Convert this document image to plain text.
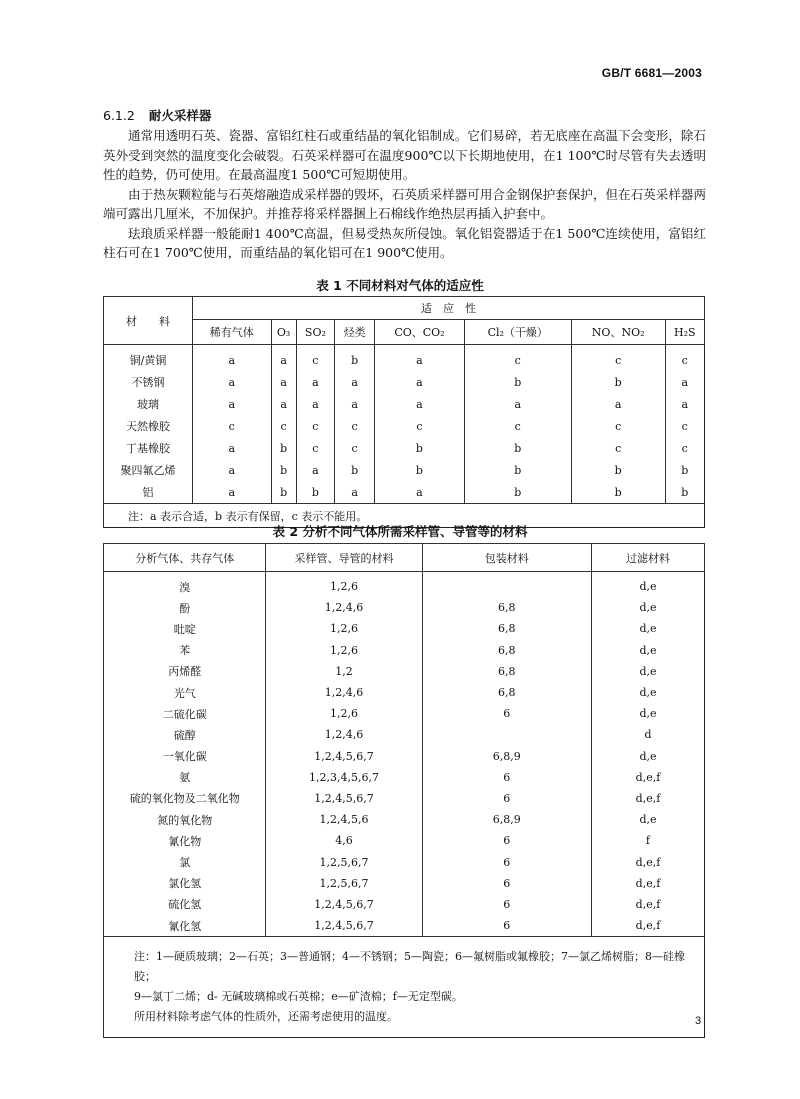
GB/T 6681—2003
6.1.2 耐火采样器

通常用透明石英、瓷器、富铝红柱石或重结晶的氧化铝制成。它们易碎，若无底座在高温下会变形，除石英外受到突然的温度变化会破裂。石英采样器可在温度900℃以下长期地使用，在1 100℃时尽管有失去透明性的趋势，仍可使用。在最高温度1 500℃可短期使用。

由于热灰颗粒能与石英熔融造成采样器的毁坏，石英质采样器可用合金钢保护套保护，但在石英采样器两端可露出几厘米，不加保护。并推荐将采样器捆上石棉线作绝热层再插入护套中。

珐琅质采样器一般能耐1 400℃高温，但易受热灰所侵蚀。氧化铝瓷器适于在1 500℃连续使用，富铝红柱石可在1 700℃使用，而重结晶的氧化铝可在1 900℃使用。

表 1 不同材料对气体的适应性
材　　料	适　应　性							
	稀有气体	O₃	SO₂	烃类	CO、CO₂	Cl₂（干燥）	NO、NO₂	H₂S
铜/黄铜	a	a	c	b	a	c	c	c
不锈钢	a	a	a	a	a	b	b	a
玻璃	a	a	a	a	a	a	a	a
天然橡胶	c	c	c	c	c	c	c	c
丁基橡胶	a	b	c	c	b	b	c	c
聚四氟乙烯	a	b	a	b	b	b	b	b
铝	a	b	b	a	a	b	b	b
注：a 表示合适，b 表示有保留，c 表示不能用。								
表 2 分析不同气体所需采样管、导管等的材料
分析气体、共存气体	采样管、导管的材料	包装材料	过滤材料
溴	1,2,6		d,e
酚	1,2,4,6	6,8	d,e
吡啶	1,2,6	6,8	d,e
苯	1,2,6	6,8	d,e
丙烯醛	1,2	6,8	d,e
光气	1,2,4,6	6,8	d,e
二硫化碳	1,2,6	6	d,e
硫醇	1,2,4,6		d
一氧化碳	1,2,4,5,6,7	6,8,9	d,e
氨	1,2,3,4,5,6,7	6	d,e,f
硫的氧化物及二氧化物	1,2,4,5,6,7	6	d,e,f
氮的氧化物	1,2,4,5,6	6,8,9	d,e
氰化物	4,6	6	f
氯	1,2,5,6,7	6	d,e,f
氯化氢	1,2,5,6,7	6	d,e,f
硫化氢	1,2,4,5,6,7	6	d,e,f
氰化氢	1,2,4,5,6,7	6	d,e,f

注：1—硬质玻璃；2—石英；3—普通钢；4—不锈钢；5—陶瓷；6—氟树脂或氟橡胶；7—氯乙烯树脂；8—硅橡胶；
9—氯丁二烯；d- 无碱玻璃棉或石英棉；e—矿渣棉；f—无定型碳。
所用材料除考虑气体的性质外，还需考虑使用的温度。				3
